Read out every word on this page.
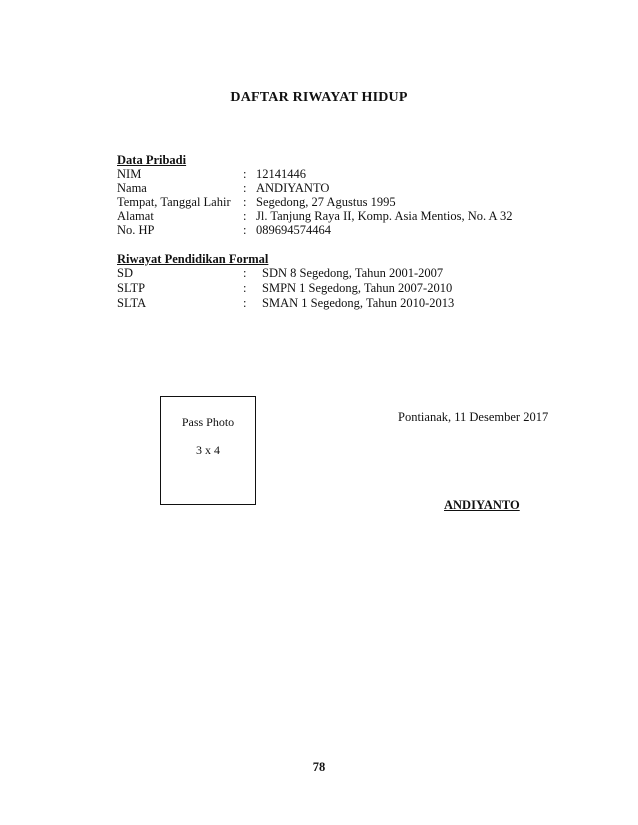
DAFTAR RIWAYAT HIDUP
Data Pribadi
NIM	: 12141446
Nama	: ANDIYANTO
Tempat, Tanggal Lahir : Segedong, 27 Agustus 1995
Alamat	: Jl. Tanjung Raya II, Komp. Asia Mentios, No. A 32
No. HP	: 089694574464
Riwayat Pendidikan Formal
SD	: SDN 8 Segedong, Tahun 2001-2007
SLTP	: SMPN 1 Segedong, Tahun 2007-2010
SLTA	: SMAN 1 Segedong, Tahun 2010-2013
Pass Photo
3 x 4
Pontianak, 11 Desember 2017
ANDIYANTO
78
